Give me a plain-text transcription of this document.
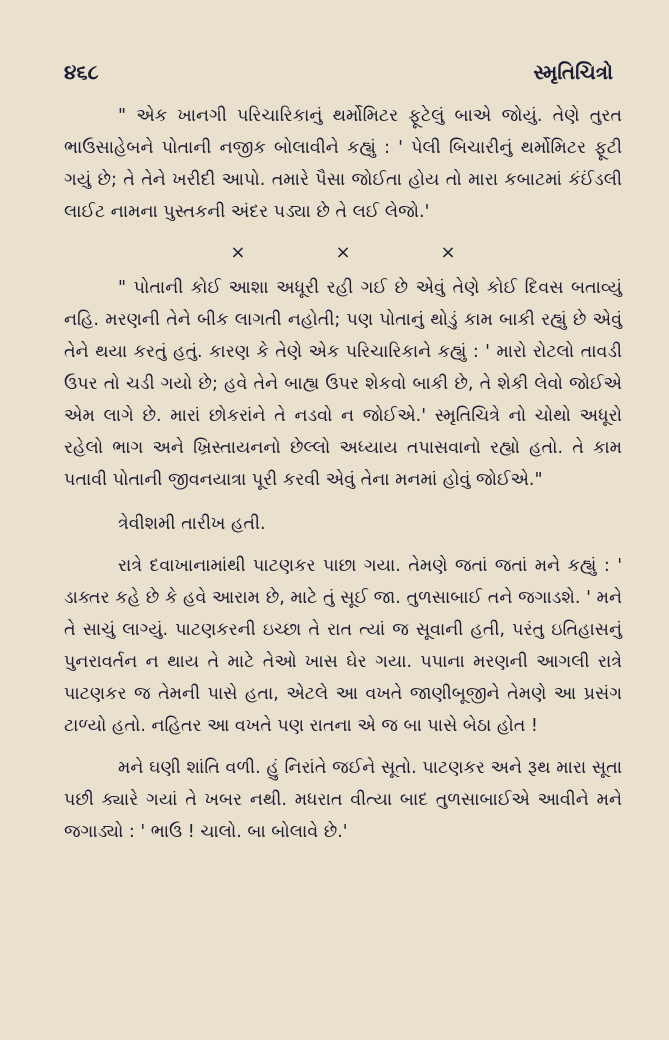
૪૬૮	સ્મૃતિચિત્રો

" એક ખાનગી પરિચારિકાનું થર્મોમિટર ફૂટેલું બાએ જોયું. તેણે તુરત ભાઉસાહેબને પોતાની નજીક બોલાવીને કહ્યું : ' પેલી બિચારીનું થર્મોમિટર ફૂટી ગયું છે; તે તેને ખરીદી આપો. તમારે પૈસા જોઈતા હોય તો મારા કબાટમાં કંઈંડલી લાઈટ નામના પુસ્તકની અંદર પડ્યા છે તે લઈ લેજો.'

×	×	×

" પોતાની કોઈ આશા અધૂરી રહી ગઈ છે એવું તેણે કોઈ દિવસ બતાવ્યું નહિ. મરણની તેને બીક લાગતી નહોતી; પણ પોતાનું થોડું કામ બાકી રહ્યું છે એવું તેને થયા કરતું હતું. કારણ કે તેણે એક પરિચારિકાને કહ્યું : ' મારો રોટલો તાવડી ઉપર તો ચડી ગયો છે; હવે તેને બાહ્ય ઉપર શેકવો બાકી છે, તે શેકી લેવો જોઈએ એમ લાગે છે. મારાં છોકરાંને તે નડવો ન જોઈએ.' સ્મૃતિચિત્રે નો ચોથો અધૂરો રહેલો ભાગ અને ખ્રિસ્તાયનનો છેલ્લો અધ્યાય તપાસવાનો રહ્યો હતો. તે કામ પતાવી પોતાની જીવનયાત્રા પૂરી કરવી એવું તેના મનમાં હોવું જોઈએ."

ત્રેવીશમી તારીખ હતી.

રાત્રે દવાખાનામાંથી પાટણકર પાછા ગયા. તેમણે જતાં જતાં મને કહ્યું : ' ડાક્તર કહે છે કે હવે આરામ છે, માટે તું સૂઈ જા. તુળસાબાઈ તને જગાડશે. ' મને તે સાચું લાગ્યું. પાટણકરની ઇચ્છા તે રાત ત્યાં જ સૂવાની હતી, પરંતુ ઇતિહાસનું પુનરાવર્તન ન થાય તે માટે તેઓ ખાસ ઘેર ગયા. પપાના મરણની આગલી રાત્રે પાટણકર જ તેમની પાસે હતા, એટલે આ વખતે જાણીબૂજીને તેમણે આ પ્રસંગ ટાળ્યો હતો. નહિતર આ વખતે પણ રાતના એ જ બા પાસે બેઠા હોત !

મને ઘણી શાંતિ વળી. હું નિરાંતે જઈને સૂતો. પાટણકર અને રૂથ મારા સૂતા પછી ક્યારે ગયાં તે ખબર નથી. મધરાત વીત્યા બાદ તુળસાબાઈએ આવીને મને જગાડ્યો : ' ભાઉ ! ચાલો. બા બોલાવે છે.'
